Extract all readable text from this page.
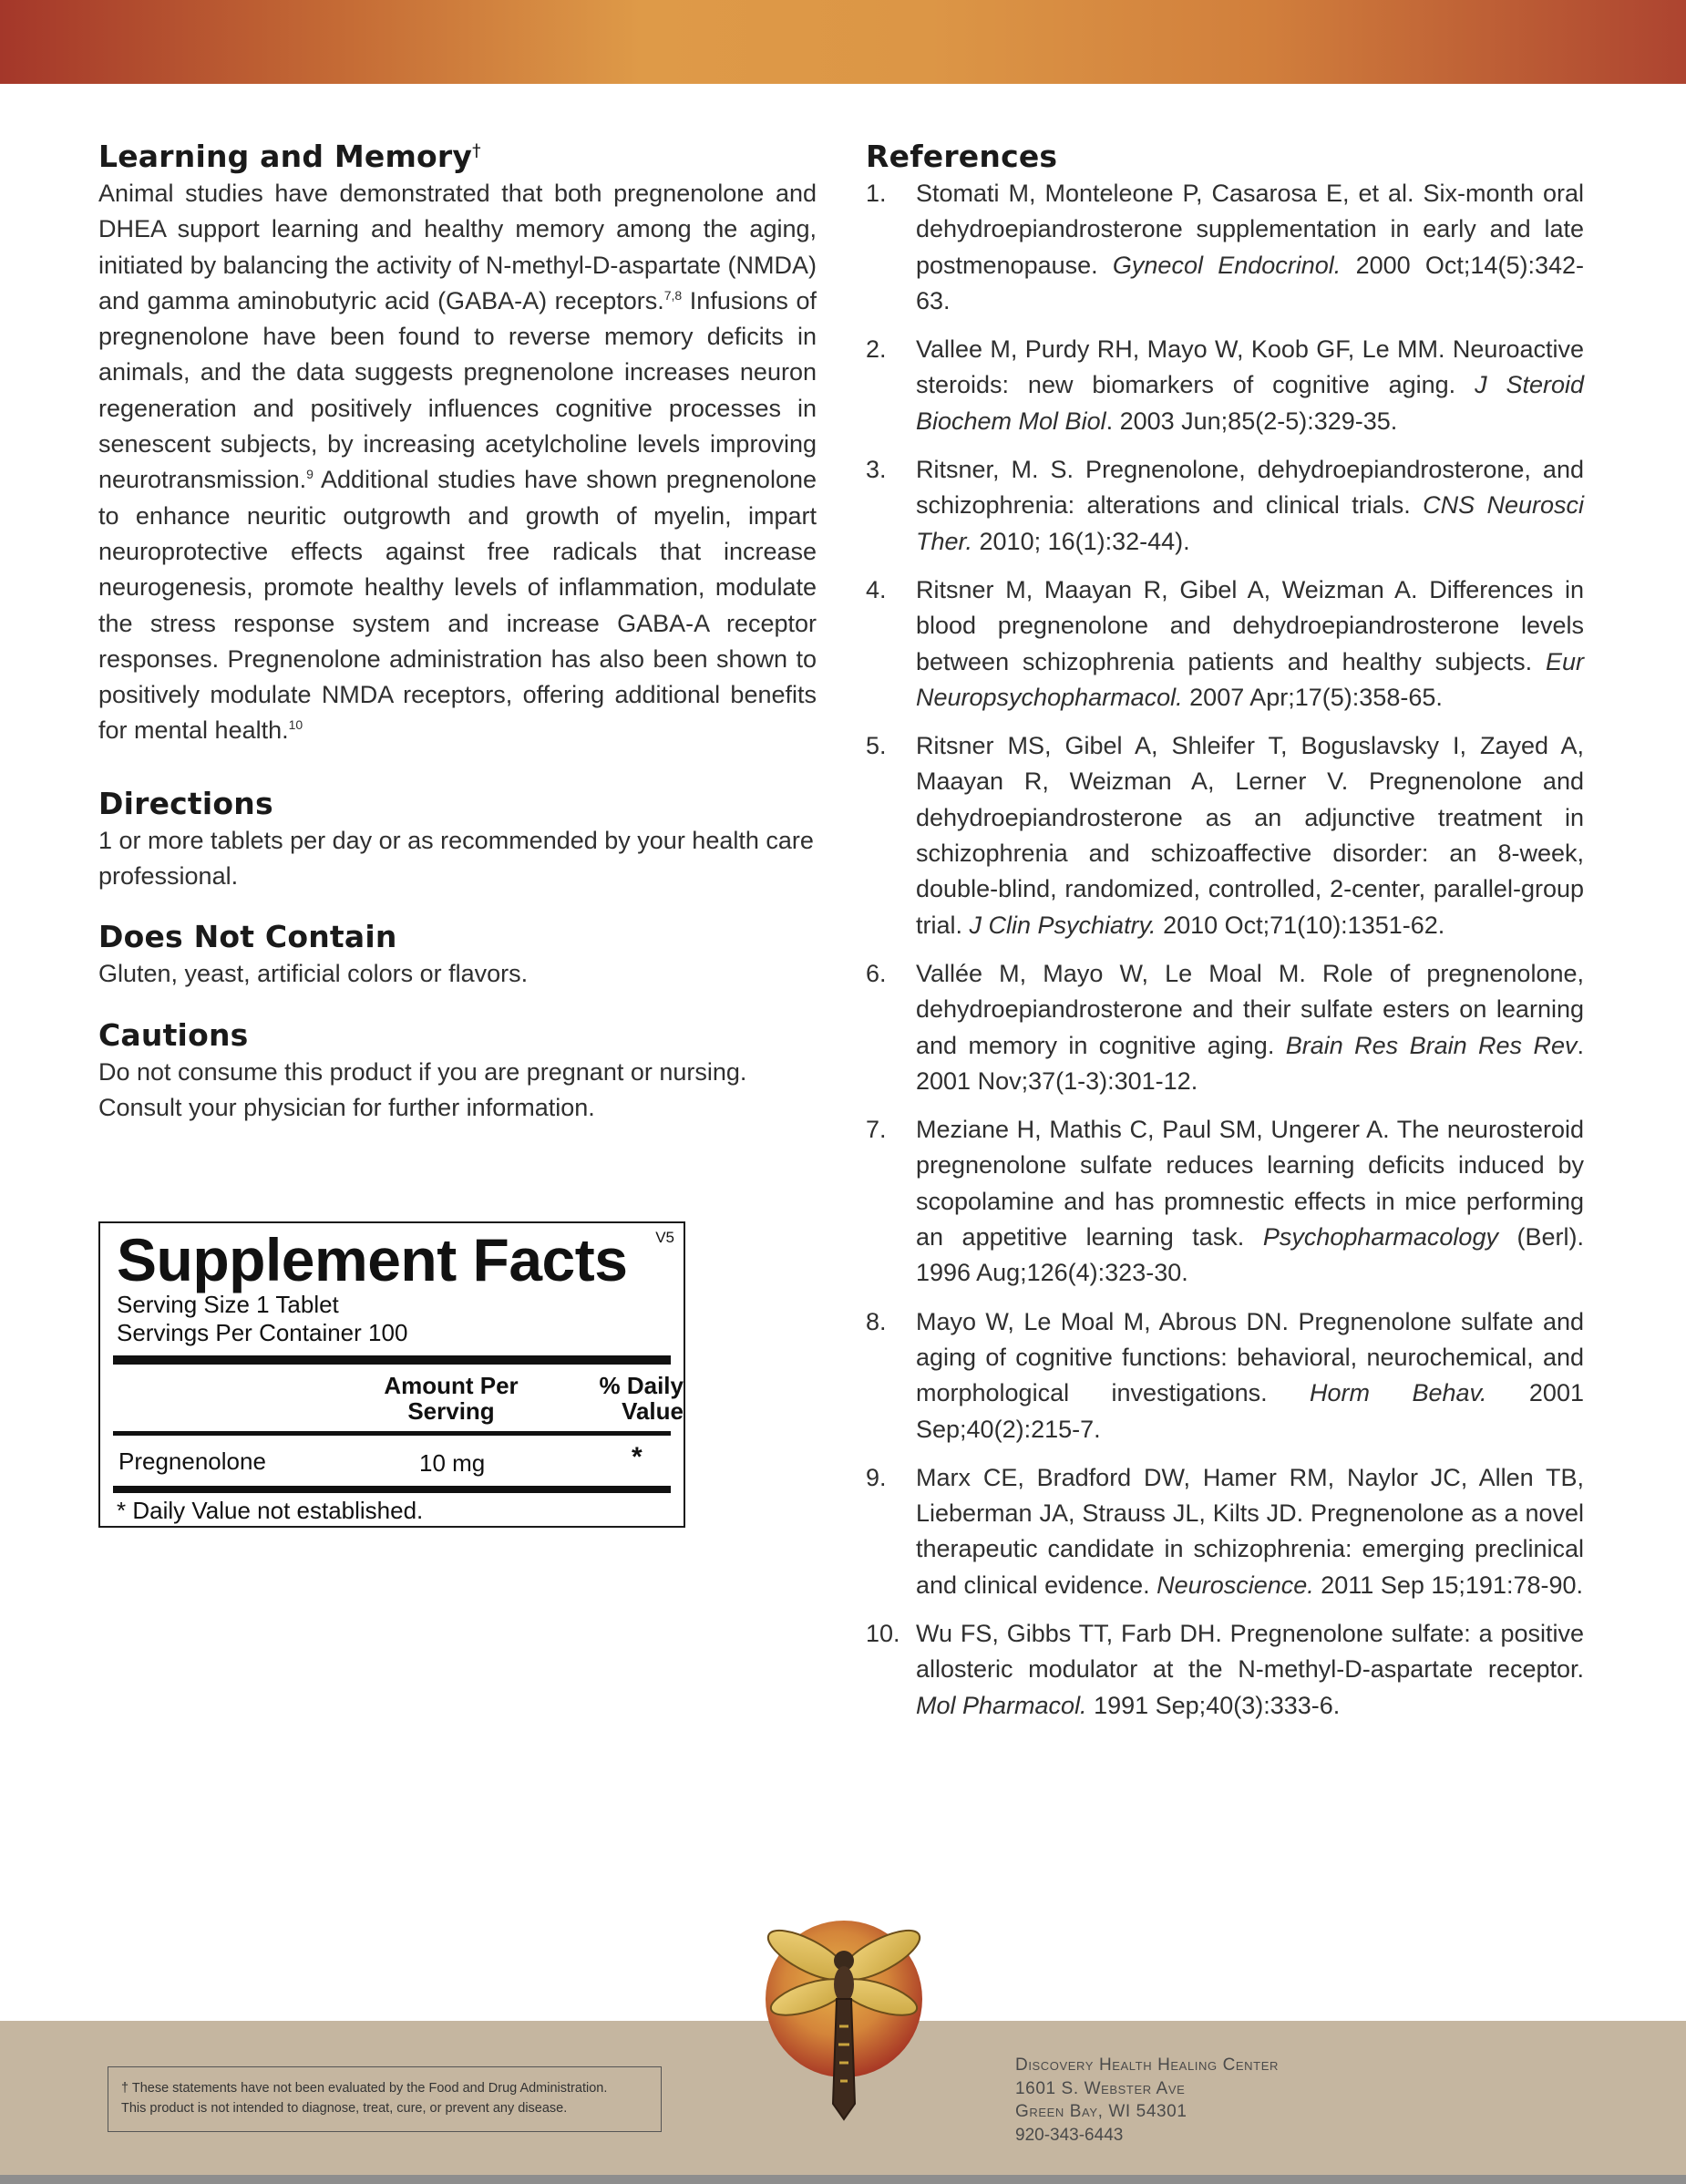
Learning and Memory†

Animal studies have demonstrated that both pregnenolone and DHEA support learning and healthy memory among the aging, initiated by balancing the activity of N-methyl-D-aspartate (NMDA) and gamma aminobutyric acid (GABA-A) receptors.$^{7,8}$ Infusions of pregnenolone have been found to reverse memory deficits in animals, and the data suggests pregnenolone increases neuron regeneration and positively influences cognitive processes in senescent subjects, by increasing acetylcholine levels improving neurotransmission.$^9$ Additional studies have shown pregnenolone to enhance neuritic outgrowth and growth of myelin, impart neuroprotective effects against free radicals that increase neurogenesis, promote healthy levels of inflammation, modulate the stress response system and increase GABA-A receptor responses. Pregnenolone administration has also been shown to positively modulate NMDA receptors, offering additional benefits for mental health.$^{10}$

Directions

1 or more tablets per day or as recommended by your health care professional.

Does Not Contain

Gluten, yeast, artificial colors or flavors.

Cautions

Do not consume this product if you are pregnant or nursing. Consult your physician for further information.

Supplement Facts V5
Serving Size 1 Tablet
Servings Per Container 100
Amount Per
Serving
% Daily
Value
Pregnenolone	10 mg	*
* Daily Value not established.
References
1. Stomati M, Monteleone P, Casarosa E, et al. Six-month oral dehydroepiandrosterone supplementation in early and late postmenopause. Gynecol Endocrinol. 2000 Oct;14(5):342-63.
2. Vallee M, Purdy RH, Mayo W, Koob GF, Le MM. Neuroactive steroids: new biomarkers of cognitive aging. J Steroid Biochem Mol Biol. 2003 Jun;85(2-5):329-35.
3. Ritsner, M. S. Pregnenolone, dehydroepiandrosterone, and schizophrenia: alterations and clinical trials. CNS Neurosci Ther. 2010; 16(1):32-44).
4. Ritsner M, Maayan R, Gibel A, Weizman A. Differences in blood pregnenolone and dehydroepiandrosterone levels between schizophrenia patients and healthy subjects. Eur Neuropsychopharmacol. 2007 Apr;17(5):358-65.
5. Ritsner MS, Gibel A, Shleifer T, Boguslavsky I, Zayed A, Maayan R, Weizman A, Lerner V. Pregnenolone and dehydroepiandrosterone as an adjunctive treatment in schizophrenia and schizoaffective disorder: an 8-week, double-blind, randomized, controlled, 2-center, parallel-group trial. J Clin Psychiatry. 2010 Oct;71(10):1351-62.
6. Vallée M, Mayo W, Le Moal M. Role of pregnenolone, dehydroepiandrosterone and their sulfate esters on learning and memory in cognitive aging. Brain Res Brain Res Rev. 2001 Nov;37(1-3):301-12.
7. Meziane H, Mathis C, Paul SM, Ungerer A. The neurosteroid pregnenolone sulfate reduces learning deficits induced by scopolamine and has promnestic effects in mice performing an appetitive learning task. Psychopharmacology (Berl). 1996 Aug;126(4):323-30.
8. Mayo W, Le Moal M, Abrous DN. Pregnenolone sulfate and aging of cognitive functions: behavioral, neurochemical, and morphological investigations. Horm Behav. 2001 Sep;40(2):215-7.
9. Marx CE, Bradford DW, Hamer RM, Naylor JC, Allen TB, Lieberman JA, Strauss JL, Kilts JD. Pregnenolone as a novel therapeutic candidate in schizophrenia: emerging preclinical and clinical evidence. Neuroscience. 2011 Sep 15;191:78-90.
10. Wu FS, Gibbs TT, Farb DH. Pregnenolone sulfate: a positive allosteric modulator at the N-methyl-D-aspartate receptor. Mol Pharmacol. 1991 Sep;40(3):333-6.
† These statements have not been evaluated by the Food and Drug Administration.
This product is not intended to diagnose, treat, cure, or prevent any disease.
Discovery Health Healing Center
1601 S. Webster Ave
Green Bay, WI 54301
920-343-6443
